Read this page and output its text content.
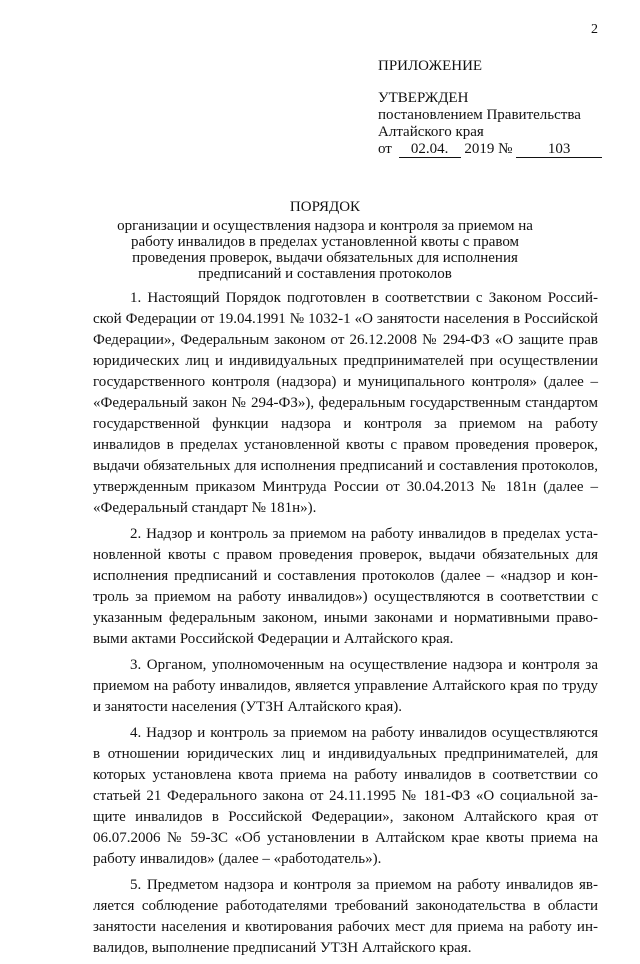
2

ПРИЛОЖЕНИЕ

УТВЕРЖДЕН

постановлением Правительства Алтайского края

от 02.04. 2019 № 103

ПОРЯДОК

организации и осуществления надзора и контроля за приемом на работу инвалидов в пределах установленной квоты с правом проведения проверок, выдачи обязательных для исполнения предписаний и составления протоколов

1. Настоящий Порядок подготовлен в соответствии с Законом Российской Федерации от 19.04.1991 № 1032-1 «О занятости населения в Российской Федерации», Федеральным законом от 26.12.2008 № 294-ФЗ «О защите прав юридических лиц и индивидуальных предпринимателей при осуществлении государственного контроля (надзора) и муниципального контроля» (далее – «Федеральный закон № 294-ФЗ»), федеральным государственным стандартом государственной функции надзора и контроля за приемом на работу инвалидов в пределах установленной квоты с правом проведения проверок, выдачи обязательных для исполнения предписаний и составления протоколов, утвержденным приказом Минтруда России от 30.04.2013 № 181н (далее – «Федеральный стандарт № 181н»).

2. Надзор и контроль за приемом на работу инвалидов в пределах установленной квоты с правом проведения проверок, выдачи обязательных для исполнения предписаний и составления протоколов (далее – «надзор и контроль за приемом на работу инвалидов») осуществляются в соответствии с указанным федеральным законом, иными законами и нормативными правовыми актами Российской Федерации и Алтайского края.

3. Органом, уполномоченным на осуществление надзора и контроля за приемом на работу инвалидов, является управление Алтайского края по труду и занятости населения (УТЗН Алтайского края).

4. Надзор и контроль за приемом на работу инвалидов осуществляются в отношении юридических лиц и индивидуальных предпринимателей, для которых установлена квота приема на работу инвалидов в соответствии со статьей 21 Федерального закона от 24.11.1995 № 181-ФЗ «О социальной защите инвалидов в Российской Федерации», законом Алтайского края от 06.07.2006 № 59-ЗС «Об установлении в Алтайском крае квоты приема на работу инвалидов» (далее – «работодатель»).

5. Предметом надзора и контроля за приемом на работу инвалидов является соблюдение работодателями требований законодательства в области занятости населения и квотирования рабочих мест для приема на работу инвалидов, выполнение предписаний УТЗН Алтайского края.
